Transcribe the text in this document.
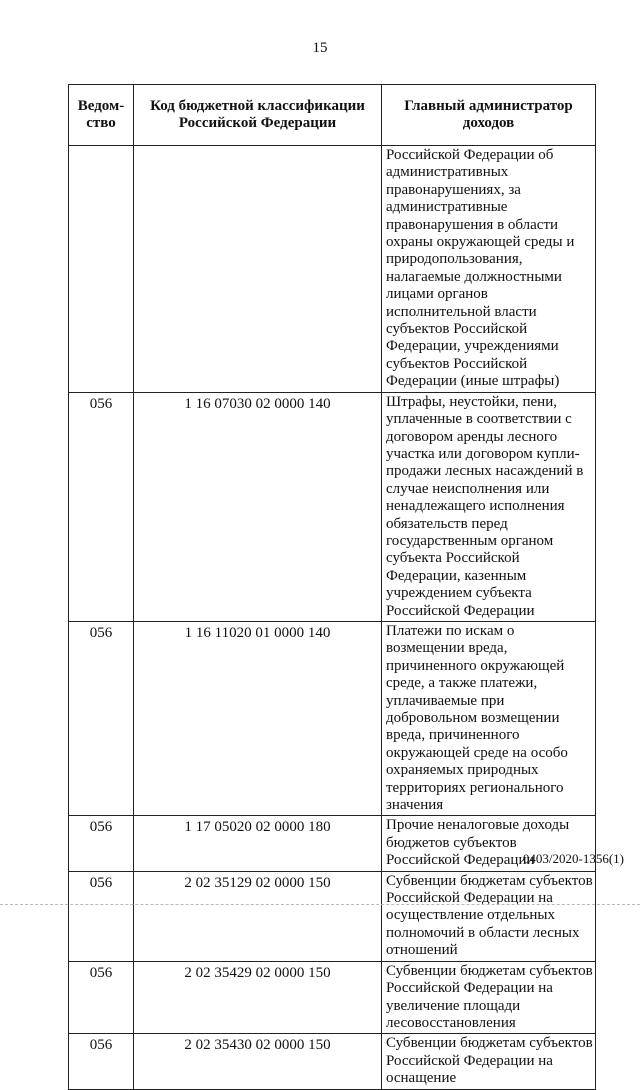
15
Ведом-ство	Код бюджетной классификации Российской Федерации	Главный администратор доходов
		Российской Федерации об административных правонарушениях, за административные правонарушения в области охраны окружающей среды и природопользования, налагаемые должностными лицами органов исполнительной власти субъектов Российской Федерации, учреждениями субъектов Российской Федерации (иные штрафы)
056	1 16 07030 02 0000 140	Штрафы, неустойки, пени, уплаченные в соответствии с договором аренды лесного участка или договором купли-продажи лесных насаждений в случае неисполнения или ненадлежащего исполнения обязательств перед государственным органом субъекта Российской Федерации, казенным учреждением субъекта Российской Федерации
056	1 16 11020 01 0000 140	Платежи по искам о возмещении вреда, причиненного окружающей среде, а также платежи, уплачиваемые при добровольном возмещении вреда, причиненного окружающей среде на особо охраняемых природных территориях регионального значения
056	1 17 05020 02 0000 180	Прочие неналоговые доходы бюджетов субъектов Российской Федерации
056	2 02 35129 02 0000 150	Субвенции бюджетам субъектов Российской Федерации на осуществление отдельных полномочий в области лесных отношений
056	2 02 35429 02 0000 150	Субвенции бюджетам субъектов Российской Федерации на увеличение площади лесовосстановления
056	2 02 35430 02 0000 150	Субвенции бюджетам субъектов Российской Федерации на оснащение
0403/2020-1356(1)
